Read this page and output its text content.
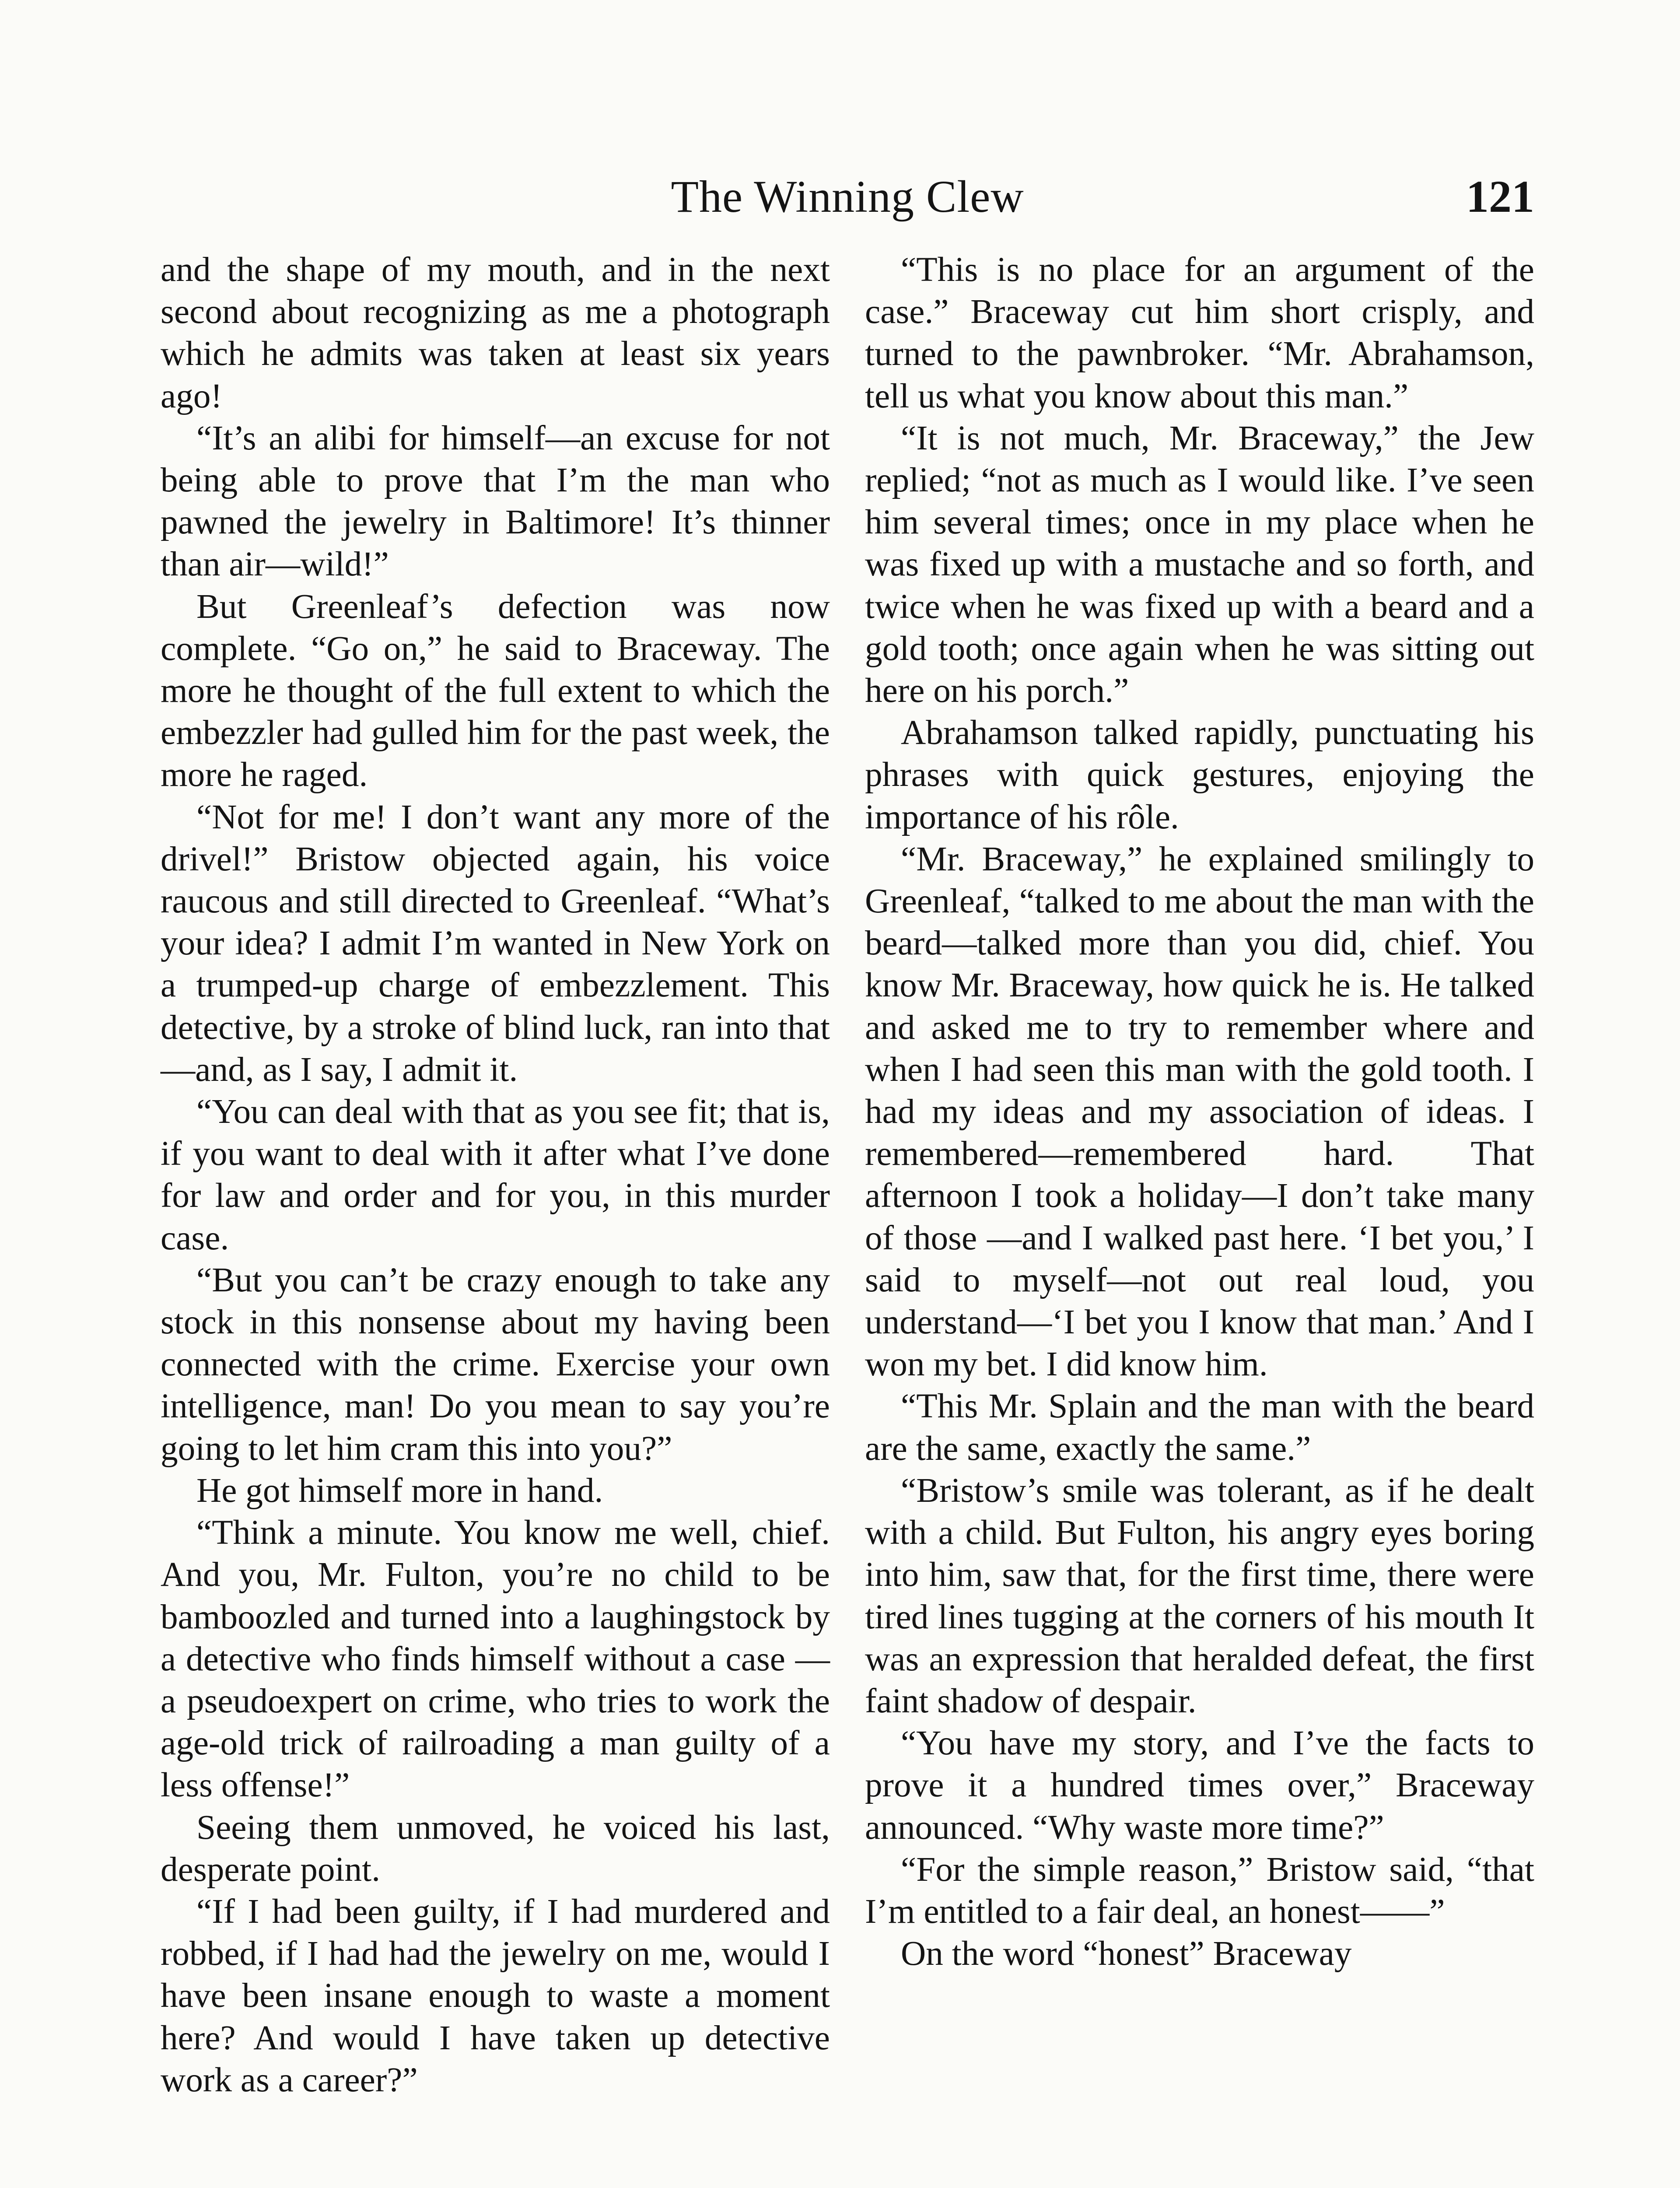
The Winning Clew	121

and the shape of my mouth, and in the next second about recognizing as me a photograph which he admits was taken at least six years ago!

“It’s an alibi for himself—an excuse for not being able to prove that I’m the man who pawned the jewelry in Baltimore! It’s thinner than air—wild!”

But Greenleaf’s defection was now complete. “Go on,” he said to Braceway. The more he thought of the full extent to which the embezzler had gulled him for the past week, the more he raged.

“Not for me! I don’t want any more of the drivel!” Bristow objected again, his voice raucous and still directed to Greenleaf. “What’s your idea? I admit I’m wanted in New York on a trumped-up charge of embezzlement. This detective, by a stroke of blind luck, ran into that—and, as I say, I admit it.

“You can deal with that as you see fit; that is, if you want to deal with it after what I’ve done for law and order and for you, in this murder case.

“But you can’t be crazy enough to take any stock in this nonsense about my having been connected with the crime. Exercise your own intelligence, man! Do you mean to say you’re going to let him cram this into you?”

He got himself more in hand.

“Think a minute. You know me well, chief. And you, Mr. Fulton, you’re no child to be bamboozled and turned into a laughingstock by a detective who finds himself without a case —a pseudoexpert on crime, who tries to work the age-old trick of railroading a man guilty of a less offense!”

Seeing them unmoved, he voiced his last, desperate point.

“If I had been guilty, if I had murdered and robbed, if I had had the jewelry on me, would I have been insane enough to waste a moment here? And would I have taken up detective work as a career?”

“This is no place for an argument of the case.” Braceway cut him short crisply, and turned to the pawnbroker. “Mr. Abrahamson, tell us what you know about this man.”

“It is not much, Mr. Braceway,” the Jew replied; “not as much as I would like. I’ve seen him several times; once in my place when he was fixed up with a mustache and so forth, and twice when he was fixed up with a beard and a gold tooth; once again when he was sitting out here on his porch.”

Abrahamson talked rapidly, punctuating his phrases with quick gestures, enjoying the importance of his rôle.

“Mr. Braceway,” he explained smilingly to Greenleaf, “talked to me about the man with the beard—talked more than you did, chief. You know Mr. Braceway, how quick he is. He talked and asked me to try to remember where and when I had seen this man with the gold tooth. I had my ideas and my association of ideas. I remembered—remembered hard. That afternoon I took a holiday—I don’t take many of those —and I walked past here. ‘I bet you,’ I said to myself—not out real loud, you understand—‘I bet you I know that man.’ And I won my bet. I did know him.

“This Mr. Splain and the man with the beard are the same, exactly the same.”

“Bristow’s smile was tolerant, as if he dealt with a child. But Fulton, his angry eyes boring into him, saw that, for the first time, there were tired lines tugging at the corners of his mouth It was an expression that heralded defeat, the first faint shadow of despair.

“You have my story, and I’ve the facts to prove it a hundred times over,” Braceway announced. “Why waste more time?”

“For the simple reason,” Bristow said, “that I’m entitled to a fair deal, an honest——”

On the word “honest” Braceway
